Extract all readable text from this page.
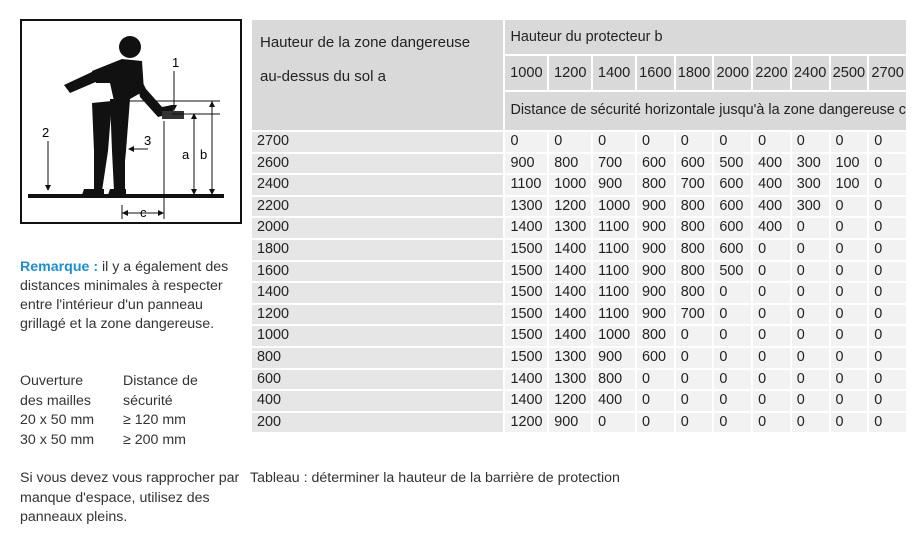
1
2
3
a b
c
Remarque : il y a également des distances minimales à respecter entre l'intérieur d'un panneau grillagé et la zone dangereuse.
Ouverture	Distance de
des mailles	sécurité
20 x 50 mm	≥ 120 mm
30 x 50 mm	≥ 200 mm
Si vous devez vous rapprocher par manque d'espace, utilisez des panneaux pleins.
Hauteur de la zone dangereuse au-dessus du sol a	Hauteur du protecteur b									
	1000	1200	1400	1600	1800	2000	2200	2400	2500	2700
	Distance de sécurité horizontale jusqu'à la zone dangereuse c									
2700	0	0	0	0	0	0	0	0	0	0
2600	900	800	700	600	600	500	400	300	100	0
2400	1100	1000	900	800	700	600	400	300	100	0
2200	1300	1200	1000	900	800	600	400	300	0	0
2000	1400	1300	1100	900	800	600	400	0	0	0
1800	1500	1400	1100	900	800	600	0	0	0	0
1600	1500	1400	1100	900	800	500	0	0	0	0
1400	1500	1400	1100	900	800	0	0	0	0	0
1200	1500	1400	1100	900	700	0	0	0	0	0
1000	1500	1400	1000	800	0	0	0	0	0	0
800	1500	1300	900	600	0	0	0	0	0	0
600	1400	1300	800	0	0	0	0	0	0	0
400	1400	1200	400	0	0	0	0	0	0	0
200	1200	900	0	0	0	0	0	0	0	0
Tableau : déterminer la hauteur de la barrière de protection
